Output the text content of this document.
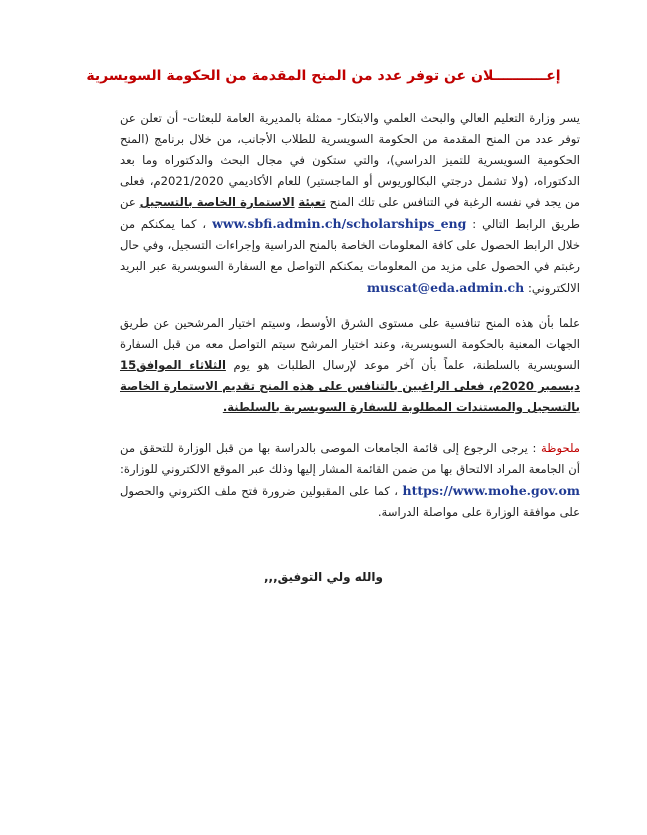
إعـــــــــــلان عن توفر عدد من المنح المقدمة من الحكومة السويسرية
يسر وزارة التعليم العالي والبحث العلمي والابتكار- ممثلة بالمديرية العامة للبعثات- أن تعلن عن توفر عدد من المنح المقدمة من الحكومة السويسرية للطلاب الأجانب، من خلال برنامج (المنح الحكومية السويسرية للتميز الدراسي)، والتي ستكون في مجال البحث والدكتوراه وما بعد الدكتوراه، (ولا تشمل درجتي البكالوريوس أو الماجستير) للعام الأكاديمي 2021/2020م، فعلى من يجد في نفسه الرغبة في التنافس على تلك المنح تعبئة الاستمارة الخاصة بالتسجيل عن طريق الرابط التالي : www.sbfi.admin.ch/scholarships_eng ، كما يمكنكم من خلال الرابط الحصول على كافة المعلومات الخاصة بالمنح الدراسية وإجراءات التسجيل، وفي حال رغبتم في الحصول على مزيد من المعلومات يمكنكم التواصل مع السفارة السويسرية عبر البريد الالكتروني: muscat@eda.admin.ch
علما بأن هذه المنح تنافسية على مستوى الشرق الأوسط، وسيتم اختيار المرشحين عن طريق الجهات المعنية بالحكومة السويسرية، وعند اختيار المرشح سيتم التواصل معه من قبل السفارة السويسرية بالسلطنة، علماً بأن آخر موعد لإرسال الطلبات هو يوم الثلاثاء الموافق15 ديسمبر 2020م، فعلى الراغبين بالتنافس على هذه المنح تقديم الاستمارة الخاصة بالتسجيل والمستندات المطلوبة للسفارة السويسرية بالسلطنة.
ملحوظة : يرجى الرجوع إلى قائمة الجامعات الموصى بالدراسة بها من قبل الوزارة للتحقق من أن الجامعة المراد الالتحاق بها من ضمن القائمة المشار إليها وذلك عبر الموقع الالكتروني للوزارة: https://www.mohe.gov.om ، كما على المقبولين ضرورة فتح ملف الكتروني والحصول على موافقة الوزارة على مواصلة الدراسة.
والله ولي التوفيق,,,
